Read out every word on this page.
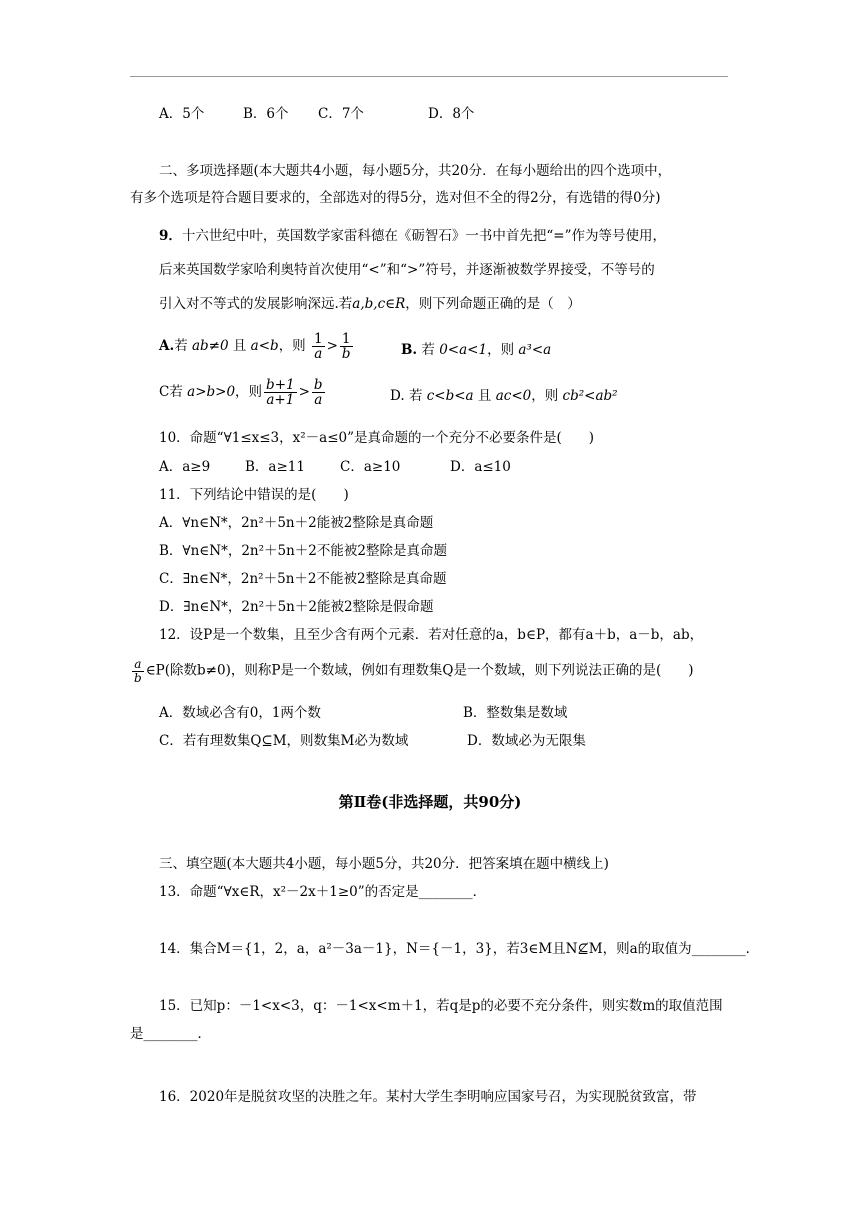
A．5个	B．6个 C．7个	D．8个
二、多项选择题(本大题共4小题，每小题5分，共20分．在每小题给出的四个选项中，
有多个选项是符合题目要求的，全部选对的得5分，选对但不全的得2分，有选错的得0分)
9．十六世纪中叶，英国数学家雷科德在《砺智石》一书中首先把“=”作为等号使用，
后来英国数学家哈利奥特首次使用“<”和“>”符号，并逐渐被数学界接受，不等号的
引入对不等式的发展影响深远.若a,b,c∈R，则下列命题正确的是（　）
A.若 ab≠0 且 a<b，则 $\frac{1}{a} > \frac{1}{b}$	B. 若 0<a<1，则 a³<a
C若 a>b>0，则 $\frac{b+1}{a+1} > \frac{b}{a}$	D. 若 c<b<a 且 ac<0，则 cb²<ab²
10．命题“∀1≤x≤3，x²－a≤0”是真命题的一个充分不必要条件是(　　)
A．a≥9	B．a≥11	C．a≥10	D．a≤10
11．下列结论中错误的是(　　)
A．∀n∈N*，2n²＋5n＋2能被2整除是真命题
B．∀n∈N*，2n²＋5n＋2不能被2整除是真命题
C．∃n∈N*，2n²＋5n＋2不能被2整除是真命题
D．∃n∈N*，2n²＋5n＋2能被2整除是假命题
12．设P是一个数集，且至少含有两个元素．若对任意的a，b∈P，都有a＋b，a－b，ab，
$\frac{a}{b}$ ∈P(除数b≠0)，则称P是一个数域，例如有理数集Q是一个数域，则下列说法正确的是(　　)
A．数域必含有0，1两个数	B．整数集是数域
C．若有理数集Q⊆M，则数集M必为数域	D．数域必为无限集
第Ⅱ卷(非选择题，共90分)
三、填空题(本大题共4小题，每小题5分，共20分．把答案填在题中横线上)
13．命题“∀x∈R，x²－2x＋1≥0”的否定是________．
14．集合M＝{1，2，a，a²－3a－1}，N＝{－1，3}，若3∈M且N⊈M，则a的取值为________．
15．已知p：－1<x<3，q：－1<x<m＋1，若q是p的必要不充分条件，则实数m的取值范围
是________．
16．2020年是脱贫攻坚的决胜之年。某村大学生李明响应国家号召，为实现脱贫致富，带
